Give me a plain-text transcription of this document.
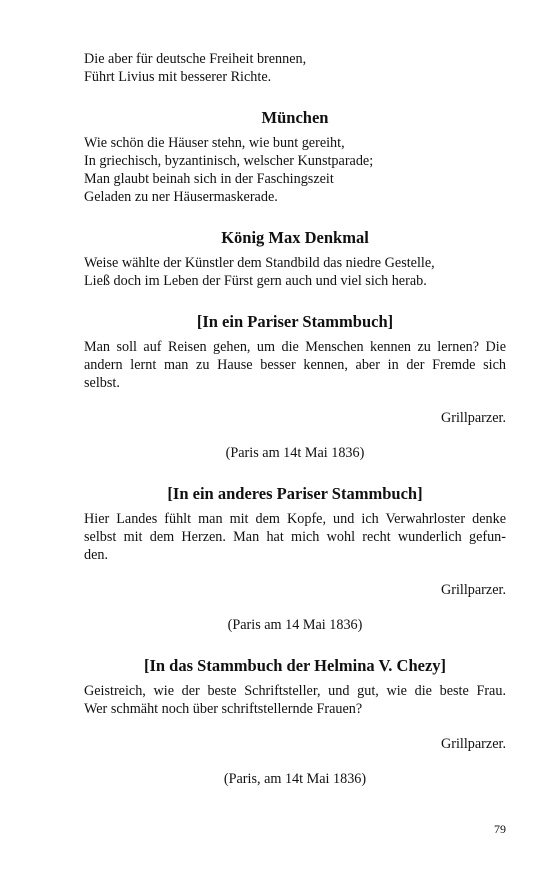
Die aber für deutsche Freiheit brennen,
Führt Livius mit besserer Richte.
München
Wie schön die Häuser stehn, wie bunt gereiht,
In griechisch, byzantinisch, welscher Kunstparade;
Man glaubt beinah sich in der Faschingszeit
Geladen zu ner Häusermaskerade.
König Max Denkmal
Weise wählte der Künstler dem Standbild das niedre Gestelle,
Ließ doch im Leben der Fürst gern auch und viel sich herab.
[In ein Pariser Stammbuch]
Man soll auf Reisen gehen, um die Menschen kennen zu lernen? Die
andern lernt man zu Hause besser kennen, aber in der Fremde sich
selbst.
Grillparzer.
(Paris am 14t Mai 1836)
[In ein anderes Pariser Stammbuch]
Hier Landes fühlt man mit dem Kopfe, und ich Verwahrloster denke
selbst mit dem Herzen. Man hat mich wohl recht wunderlich gefun-
den.
Grillparzer.
(Paris am 14 Mai 1836)
[In das Stammbuch der Helmina V. Chezy]
Geistreich, wie der beste Schriftsteller, und gut, wie die beste Frau.
Wer schmäht noch über schriftstellernde Frauen?
Grillparzer.
(Paris, am 14t Mai 1836)
79
